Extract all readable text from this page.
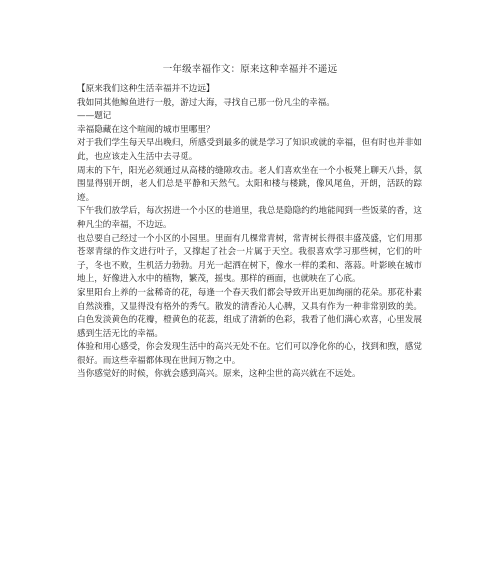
一年级幸福作文：原来这种幸福并不遥远

【原来我们这种生活幸福并不边远】

我如同其他鲸鱼进行一般，游过大海，寻找自己那一份凡尘的幸福。

——题记

幸福隐藏在这个喧闹的城市里哪里？

对于我们学生每天早出晚归，所感受到最多的就是学习了知识或就的幸福，但有时也并非如此，也应该走入生活中去寻觅。

周末的下午，阳光必须通过从高楼的缝隙攻击。老人们喜欢坐在一个小板凳上聊天八卦，氛围显得别开朗，老人们总是平静和天然气。太阳和楼与楼跳，像风尾鱼，开朗，活跃的踪迹。

下午我们放学后，每次拐进一个小区的巷道里，我总是隐隐约约地能闻到一些饭菜的香，这种凡尘的幸福，不边远。

也总要自己经过一个小区的小园里。里面有几棵常青树，常青树长得很丰盛茂盛，它们用那苍翠青绿的作文进行叶子，又撑起了社会一片属于天空。我很喜欢学习那些树，它们的叶子，冬也不败，生机活力勃勃。月光一起洒在树下，像水一样的柔和、落蒜。叶影映在城市地上，好像进入水中的植物，繁茂，摇曳。那样的画面，也就映在了心底。

家里阳台上养的一盆稀奇的花，每逢一个春天我们都会导致开出更加绚丽的花朵。那花朴素自然淡雅，又显得没有格外的秀气。散发的清香沁人心脾，又具有作为一种非常别致的美。白色发淡黄色的花瓣，橙黄色的花蕊，组成了清新的色彩，我看了他们满心欢喜，心里发展感到生活无比的幸福。

体验和用心感受，你会发现生活中的高兴无处不在。它们可以净化你的心，找到和煦，感觉很好。而这些幸福都体现在世间万物之中。

当你感觉好的时候，你就会感到高兴。原来，这种尘世的高兴就在不远处。
